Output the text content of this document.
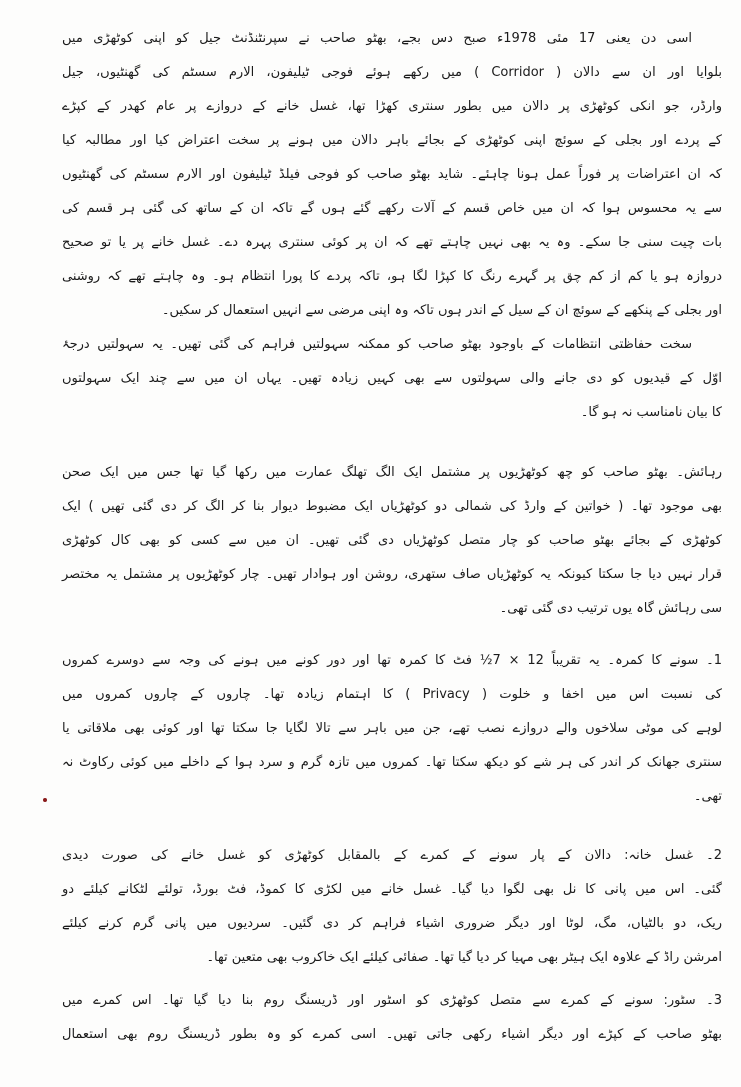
اسی دن یعنی 17 مئی 1978ء صبح دس بجے، بھٹو صاحب نے سپرنٹنڈنٹ جیل کو اپنی کوٹھڑی میں
بلوایا اور ان سے دالان ( Corridor ) میں رکھے ہوئے فوجی ٹیلیفون، الارم سسٹم کی گھنٹیوں، جیل
وارڈر، جو انکی کوٹھڑی پر دالان میں بطور سنتری کھڑا تھا، غسل خانے کے دروازے پر عام کھدر کے کپڑے
کے پردے اور بجلی کے سوئچ اپنی کوٹھڑی کے بجائے باہر دالان میں ہونے پر سخت اعتراض کیا اور مطالبہ کیا
کہ ان اعتراضات پر فوراً عمل ہونا چاہئے۔ شاید بھٹو صاحب کو فوجی فیلڈ ٹیلیفون اور الارم سسٹم کی گھنٹیوں
سے یہ محسوس ہوا کہ ان میں خاص قسم کے آلات رکھے گئے ہوں گے تاکہ ان کے ساتھ کی گئی ہر قسم کی
بات چیت سنی جا سکے۔ وہ یہ بھی نہیں چاہتے تھے کہ ان پر کوئی سنتری پہرہ دے۔ غسل خانے پر یا تو صحیح
دروازہ ہو یا کم از کم چق پر گہرے رنگ کا کپڑا لگا ہو، تاکہ پردے کا پورا انتظام ہو۔ وہ چاہتے تھے کہ روشنی
اور بجلی کے پنکھے کے سوئچ ان کے سیل کے اندر ہوں تاکہ وہ اپنی مرضی سے انہیں استعمال کر سکیں۔
سخت حفاظتی انتظامات کے باوجود بھٹو صاحب کو ممکنہ سہولتیں فراہم کی گئی تھیں۔ یہ سہولتیں درجۂ
اوّل کے قیدیوں کو دی جانے والی سہولتوں سے بھی کہیں زیادہ تھیں۔ یہاں ان میں سے چند ایک سہولتوں
کا بیان نامناسب نہ ہو گا۔
رہائش۔ بھٹو صاحب کو چھ کوٹھڑیوں پر مشتمل ایک الگ تھلگ عمارت میں رکھا گیا تھا جس میں ایک صحن
بھی موجود تھا۔ ( خواتین کے وارڈ کی شمالی دو کوٹھڑیاں ایک مضبوط دیوار بنا کر الگ کر دی گئی تھیں ) ایک
کوٹھڑی کے بجائے بھٹو صاحب کو چار متصل کوٹھڑیاں دی گئی تھیں۔ ان میں سے کسی کو بھی کال کوٹھڑی
قرار نہیں دیا جا سکتا کیونکہ یہ کوٹھڑیاں صاف ستھری، روشن اور ہوادار تھیں۔ چار کوٹھڑیوں پر مشتمل یہ مختصر
سی رہائش گاہ یوں ترتیب دی گئی تھی۔
1۔ سونے کا کمرہ۔ یہ تقریباً 12 × 7½ فٹ کا کمرہ تھا اور دور کونے میں ہونے کی وجہ سے دوسرے کمروں
کی نسبت اس میں اخفا و خلوت ( Privacy ) کا اہتمام زیادہ تھا۔ چاروں کے چاروں کمروں میں
لوہے کی موٹی سلاخوں والے دروازے نصب تھے، جن میں باہر سے تالا لگایا جا سکتا تھا اور کوئی بھی ملاقاتی یا
سنتری جھانک کر اندر کی ہر شے کو دیکھ سکتا تھا۔ کمروں میں تازہ گرم و سرد ہوا کے داخلے میں کوئی رکاوٹ نہ
تھی۔
2۔ غسل خانہ: دالان کے پار سونے کے کمرے کے بالمقابل کوٹھڑی کو غسل خانے کی صورت دیدی
گئی۔ اس میں پانی کا نل بھی لگوا دیا گیا۔ غسل خانے میں لکڑی کا کموڈ، فٹ بورڈ، تولئے لٹکانے کیلئے دو
ریک، دو بالٹیاں، مگ، لوٹا اور دیگر ضروری اشیاء فراہم کر دی گئیں۔ سردیوں میں پانی گرم کرنے کیلئے
امرشن راڈ کے علاوہ ایک ہیٹر بھی مہیا کر دیا گیا تھا۔ صفائی کیلئے ایک خاکروب بھی متعین تھا۔
3۔ سٹور: سونے کے کمرے سے متصل کوٹھڑی کو اسٹور اور ڈریسنگ روم بنا دیا گیا تھا۔ اس کمرے میں
بھٹو صاحب کے کپڑے اور دیگر اشیاء رکھی جاتی تھیں۔ اسی کمرے کو وہ بطور ڈریسنگ روم بھی استعمال
